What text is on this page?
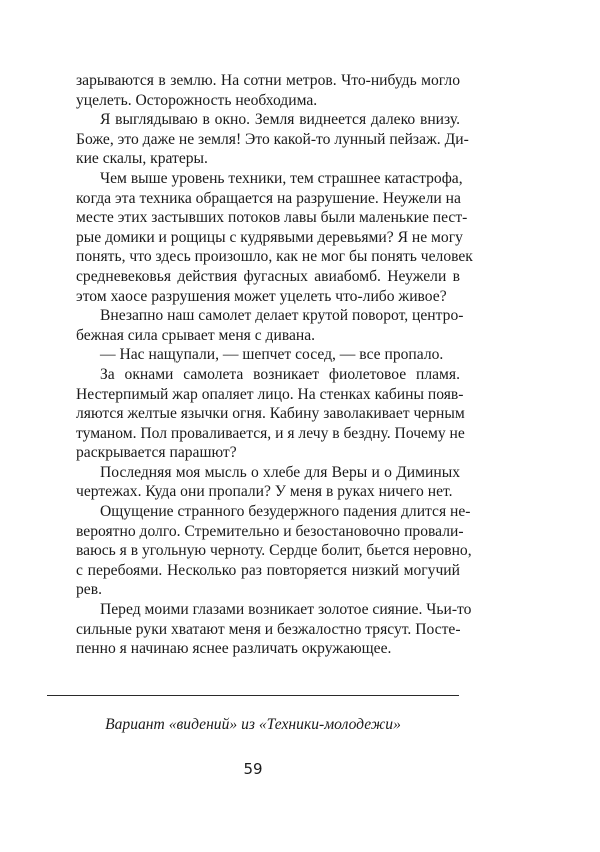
зарываются в землю. На сотни метров. Что-нибудь могло
уцелеть. Осторожность необходима.
Я выглядываю в окно. Земля виднеется далеко внизу.
Боже, это даже не земля! Это какой-то лунный пейзаж. Ди-
кие скалы, кратеры.
Чем выше уровень техники, тем страшнее катастрофа,
когда эта техника обращается на разрушение. Неужели на
месте этих застывших потоков лавы были маленькие пест-
рые домики и рощицы с кудрявыми деревьями? Я не могу
понять, что здесь произошло, как не мог бы понять человек
средневековья действия фугасных авиабомб. Неужели в
этом хаосе разрушения может уцелеть что-либо живое?
Внезапно наш самолет делает крутой поворот, центро-
бежная сила срывает меня с дивана.
— Нас нащупали, — шепчет сосед, — все пропало.
За окнами самолета возникает фиолетовое пламя.
Нестерпимый жар опаляет лицо. На стенках кабины появ-
ляются желтые язычки огня. Кабину заволакивает черным
туманом. Пол проваливается, и я лечу в бездну. Почему не
раскрывается парашют?
Последняя моя мысль о хлебе для Веры и о Диминых
чертежах. Куда они пропали? У меня в руках ничего нет.
Ощущение странного безудержного падения длится не-
вероятно долго. Стремительно и безостановочно провали-
ваюсь я в угольную черноту. Сердце болит, бьется неровно,
с перебоями. Несколько раз повторяется низкий могучий
рев.
Перед моими глазами возникает золотое сияние. Чьи-то
сильные руки хватают меня и безжалостно трясут. Посте-
пенно я начинаю яснее различать окружающее.
Вариант «видений» из «Техники-молодежи»
59
